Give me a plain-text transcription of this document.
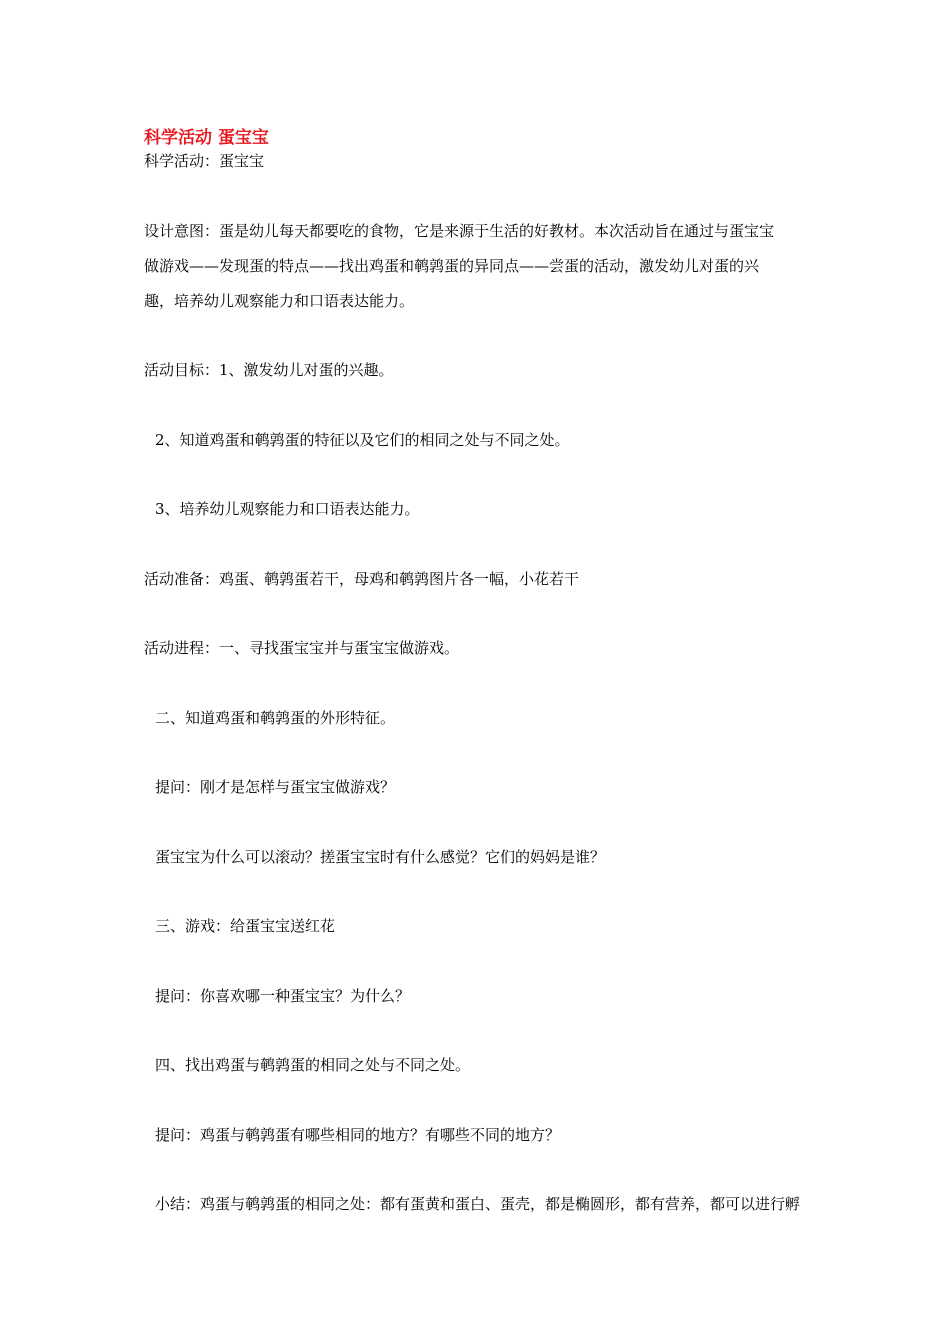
科学活动 蛋宝宝
科学活动：蛋宝宝
设计意图：蛋是幼儿每天都要吃的食物，它是来源于生活的好教材。本次活动旨在通过与蛋宝宝
做游戏——发现蛋的特点——找出鸡蛋和鹌鹑蛋的异同点——尝蛋的活动，激发幼儿对蛋的兴
趣，培养幼儿观察能力和口语表达能力。
活动目标：1、激发幼儿对蛋的兴趣。
2、知道鸡蛋和鹌鹑蛋的特征以及它们的相同之处与不同之处。
3、培养幼儿观察能力和口语表达能力。
活动准备：鸡蛋、鹌鹑蛋若干，母鸡和鹌鹑图片各一幅，小花若干
活动进程：一、寻找蛋宝宝并与蛋宝宝做游戏。
二、知道鸡蛋和鹌鹑蛋的外形特征。
提问：刚才是怎样与蛋宝宝做游戏？
蛋宝宝为什么可以滚动？搓蛋宝宝时有什么感觉？它们的妈妈是谁？
三、游戏：给蛋宝宝送红花
提问：你喜欢哪一种蛋宝宝？为什么？
四、找出鸡蛋与鹌鹑蛋的相同之处与不同之处。
提问：鸡蛋与鹌鹑蛋有哪些相同的地方？有哪些不同的地方？
小结：鸡蛋与鹌鹑蛋的相同之处：都有蛋黄和蛋白、蛋壳，都是椭圆形，都有营养，都可以进行孵
